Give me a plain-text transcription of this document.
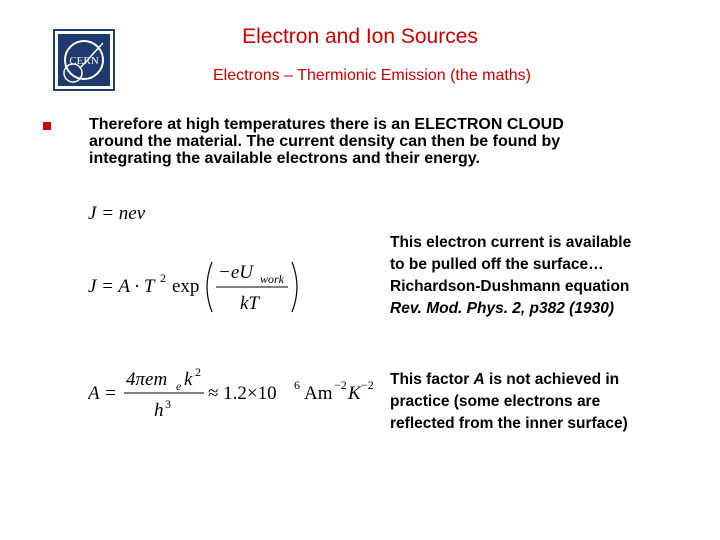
CERN
Electron and Ion Sources
Electrons – Thermionic Emission (the maths)
Therefore at high temperatures there is an ELECTRON CLOUD
around the material. The current density can then be found by
integrating the available electrons and their energy.
J = nev
J = A · T 2 exp
−eU work
kT
A =
4πem e k 2
h 3 ≈ 1.2×10 6 Am −2 K −2
This electron current is available
to be pulled off the surface…
Richardson-Dushmann equation
Rev. Mod. Phys. 2, p382 (1930)
This factor A is not achieved in
practice (some electrons are
reflected from the inner surface)
